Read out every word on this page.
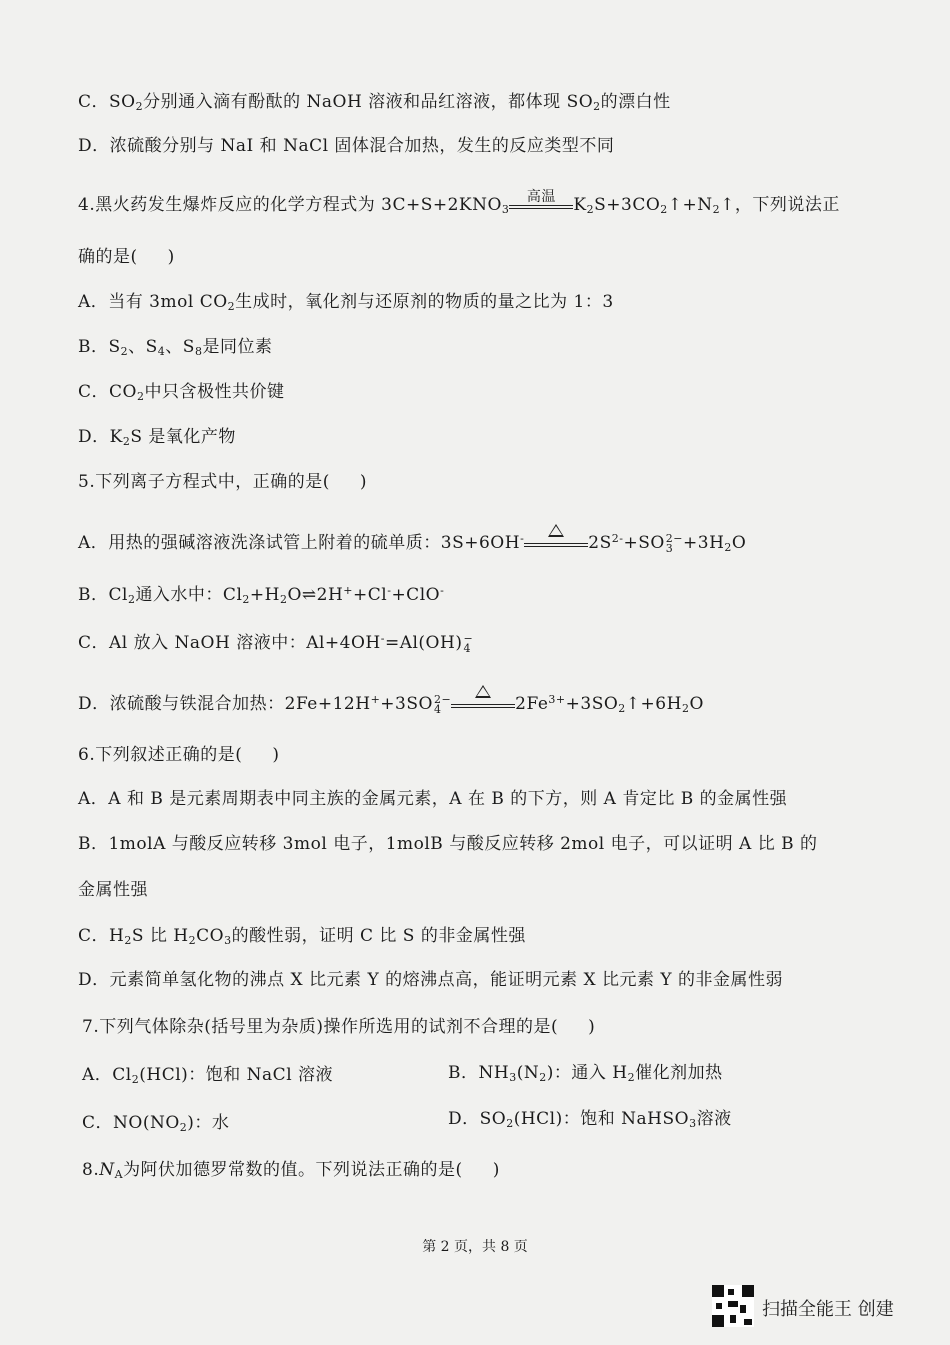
C．$SO_2$分别通入滴有酚酞的 NaOH 溶液和品红溶液，都体现 $SO_2$的漂白性
D．浓硫酸分别与 NaI 和 NaCl 固体混合加热，发生的反应类型不同
4.黑火药发生爆炸反应的化学方程式为 $3C+S+2KNO_3$
高温	$K_2S+3CO_2↑+N_2↑$，下列说法正
确的是( )
A．当有 3mol $CO_2$生成时，氧化剂与还原剂的物质的量之比为 1：3
B．$S_2$、$S_4$、$S_8$是同位素
C．$CO_2$中只含极性共价键
D．$K_2S$ 是氧化产物
5.下列离子方程式中，正确的是( )
A．用热的强碱溶液洗涤试管上附着的硫单质：3S+6OH-	$2S^{2-}+SO$ 2−
$3 +3H_2O$
B．$Cl_2$通入水中：$Cl_2+H_2O\rightleftharpoons 2H^++Cl^-+ClO^-$
C．Al 放入 NaOH 溶液中：Al+4OH-=Al(OH) −
4
D．浓硫酸与铁混合加热：2Fe+12H++3SO 2−
4	$2Fe^{3+}+3SO_2↑+6H_2O$
6.下列叙述正确的是( )
A．A 和 B 是元素周期表中同主族的金属元素，A 在 B 的下方，则 A 肯定比 B 的金属性强
B．1molA 与酸反应转移 3mol 电子，1molB 与酸反应转移 2mol 电子，可以证明 A 比 B 的
金属性强
C．$H_2S$ 比 $H_2CO_3$的酸性弱，证明 C 比 S 的非金属性强
D．元素简单氢化物的沸点 X 比元素 Y 的熔沸点高，能证明元素 X 比元素 Y 的非金属性弱
7.下列气体除杂(括号里为杂质)操作所选用的试剂不合理的是( )
A．$Cl_2(HCl)$：饱和 NaCl 溶液	B．$NH_3(N_2)$：通入 $H_2$催化剂加热
C．$NO(NO_2)$：水	D．$SO_2(HCl)$：饱和 NaHSO$_3$溶液
$8.N_A$为阿伏加德罗常数的值。下列说法正确的是( )
第 2 页，共 8 页
扫描全能王 创建
